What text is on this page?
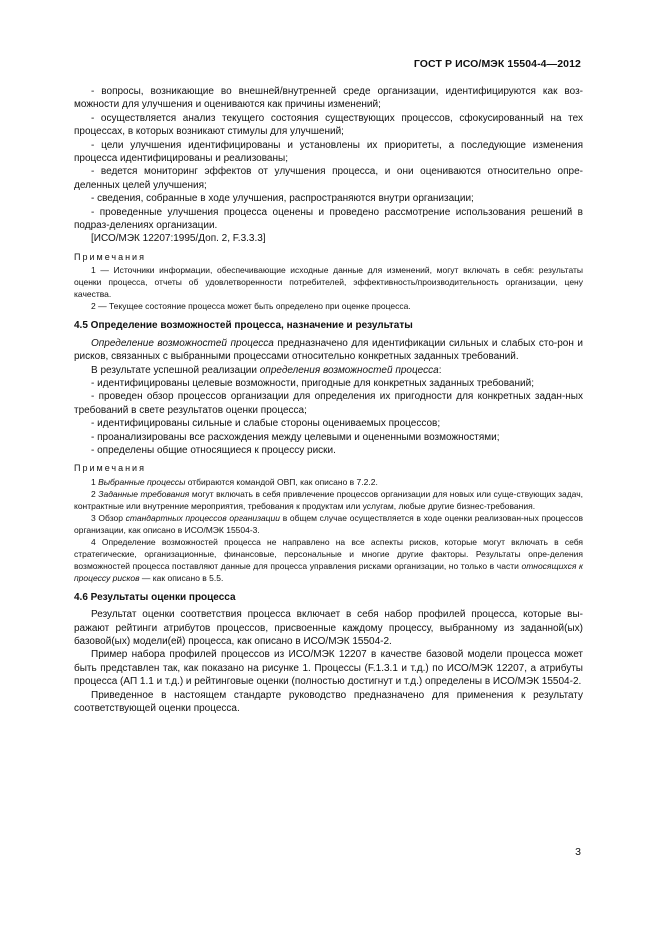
ГОСТ Р ИСО/МЭК 15504-4—2012

- вопросы, возникающие во внешней/внутренней среде организации, идентифицируются как воз-можности для улучшения и оцениваются как причины изменений;

- осуществляется анализ текущего состояния существующих процессов, сфокусированный на тех процессах, в которых возникают стимулы для улучшений;

- цели улучшения идентифицированы и установлены их приоритеты, а последующие изменения процесса идентифицированы и реализованы;

- ведется мониторинг эффектов от улучшения процесса, и они оцениваются относительно опре-деленных целей улучшения;

- сведения, собранные в ходе улучшения, распространяются внутри организации;

- проведенные улучшения процесса оценены и проведено рассмотрение использования решений в подраз-делениях организации.

[ИСО/МЭК 12207:1995/Доп. 2, F.3.3.3]

Примечания

1 — Источники информации, обеспечивающие исходные данные для изменений, могут включать в себя: результаты оценки процесса, отчеты об удовлетворенности потребителей, эффективность/производительность организации, цену качества.

2 — Текущее состояние процесса может быть определено при оценке процесса.

4.5 Определение возможностей процесса, назначение и результаты

Определение возможностей процесса предназначено для идентификации сильных и слабых сто-рон и рисков, связанных с выбранными процессами относительно конкретных заданных требований.

В результате успешной реализации определения возможностей процесса:

- идентифицированы целевые возможности, пригодные для конкретных заданных требований;

- проведен обзор процессов организации для определения их пригодности для конкретных задан-ных требований в свете результатов оценки процесса;

- идентифицированы сильные и слабые стороны оцениваемых процессов;

- проанализированы все расхождения между целевыми и оцененными возможностями;

- определены общие относящиеся к процессу риски.

Примечания

1 Выбранные процессы отбираются командой ОВП, как описано в 7.2.2.

2 Заданные требования могут включать в себя привлечение процессов организации для новых или суще-ствующих задач, контрактные или внутренние мероприятия, требования к продуктам или услугам, любые другие бизнес-требования.

3 Обзор стандартных процессов организации в общем случае осуществляется в ходе оценки реализован-ных процессов организации, как описано в ИСО/МЭК 15504-3.

4 Определение возможностей процесса не направлено на все аспекты рисков, которые могут включать в себя стратегические, организационные, финансовые, персональные и многие другие факторы. Результаты опре-деления возможностей процесса поставляют данные для процесса управления рисками организации, но только в части относящихся к процессу рисков — как описано в 5.5.

4.6 Результаты оценки процесса

Результат оценки соответствия процесса включает в себя набор профилей процесса, которые вы-ражают рейтинги атрибутов процессов, присвоенные каждому процессу, выбранному из заданной(ых) базовой(ых) модели(ей) процесса, как описано в ИСО/МЭК 15504-2.

Пример набора профилей процессов из ИСО/МЭК 12207 в качестве базовой модели процесса может быть представлен так, как показано на рисунке 1. Процессы (F.1.3.1 и т.д.) по ИСО/МЭК 12207, а атрибуты процесса (АП 1.1 и т.д.) и рейтинговые оценки (полностью достигнут и т.д.) определены в ИСО/МЭК 15504-2.

Приведенное в настоящем стандарте руководство предназначено для применения к результату соответствующей оценки процесса.

3
